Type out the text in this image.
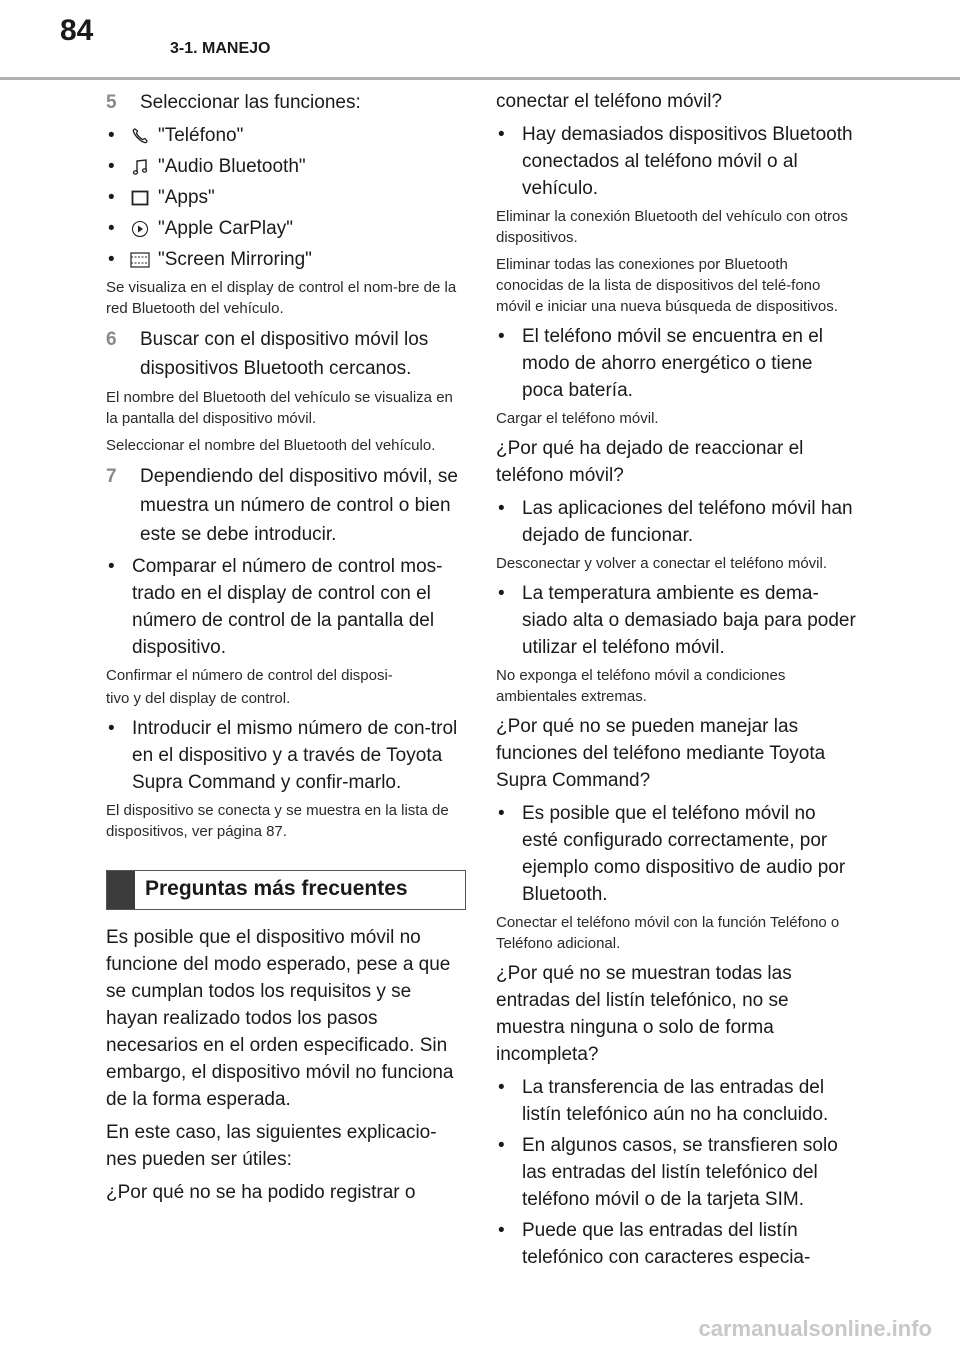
84
3-1. MANEJO
5 Seleccionar las funciones:
•	"Teléfono"
•	"Audio Bluetooth"
•	"Apps"
•	"Apple CarPlay"
•	"Screen Mirroring"

Se visualiza en el display de control el nom-bre de la red Bluetooth del vehículo.

6 Buscar con el dispositivo móvil los dispositivos Bluetooth cercanos.

El nombre del Bluetooth del vehículo se visualiza en la pantalla del dispositivo móvil.

Seleccionar el nombre del Bluetooth del vehículo.

7 Dependiendo del dispositivo móvil, se muestra un número de control o bien este se debe introducir.
• Comparar el número de control mos-trado en el display de control con el número de control de la pantalla del dispositivo.

Confirmar el número de control del disposi-

tivo y del display de control.

• Introducir el mismo número de con-trol en el dispositivo y a través de Toyota Supra Command y confir-marlo.

El dispositivo se conecta y se muestra en la lista de dispositivos, ver página 87.

Preguntas más frecuentes

Es posible que el dispositivo móvil no funcione del modo esperado, pese a que se cumplan todos los requisitos y se hayan realizado todos los pasos necesarios en el orden especificado. Sin embargo, el dispositivo móvil no funciona de la forma esperada.

En este caso, las siguientes explicacio-nes pueden ser útiles:

¿Por qué no se ha podido registrar o

conectar el teléfono móvil?

• Hay demasiados dispositivos Bluetooth conectados al teléfono móvil o al vehículo.

Eliminar la conexión Bluetooth del vehículo con otros dispositivos.

Eliminar todas las conexiones por Bluetooth conocidas de la lista de dispositivos del telé-fono móvil e iniciar una nueva búsqueda de dispositivos.

• El teléfono móvil se encuentra en el modo de ahorro energético o tiene poca batería.

Cargar el teléfono móvil.

¿Por qué ha dejado de reaccionar el teléfono móvil?

• Las aplicaciones del teléfono móvil han dejado de funcionar.

Desconectar y volver a conectar el teléfono móvil.

• La temperatura ambiente es dema-siado alta o demasiado baja para poder utilizar el teléfono móvil.

No exponga el teléfono móvil a condiciones ambientales extremas.

¿Por qué no se pueden manejar las funciones del teléfono mediante Toyota Supra Command?

• Es posible que el teléfono móvil no esté configurado correctamente, por ejemplo como dispositivo de audio por Bluetooth.

Conectar el teléfono móvil con la función Teléfono o Teléfono adicional.

¿Por qué no se muestran todas las entradas del listín telefónico, no se muestra ninguna o solo de forma incompleta?

• La transferencia de las entradas del listín telefónico aún no ha concluido.
• En algunos casos, se transfieren solo las entradas del listín telefónico del teléfono móvil o de la tarjeta SIM.
• Puede que las entradas del listín telefónico con caracteres especia-
carmanualsonline.info
